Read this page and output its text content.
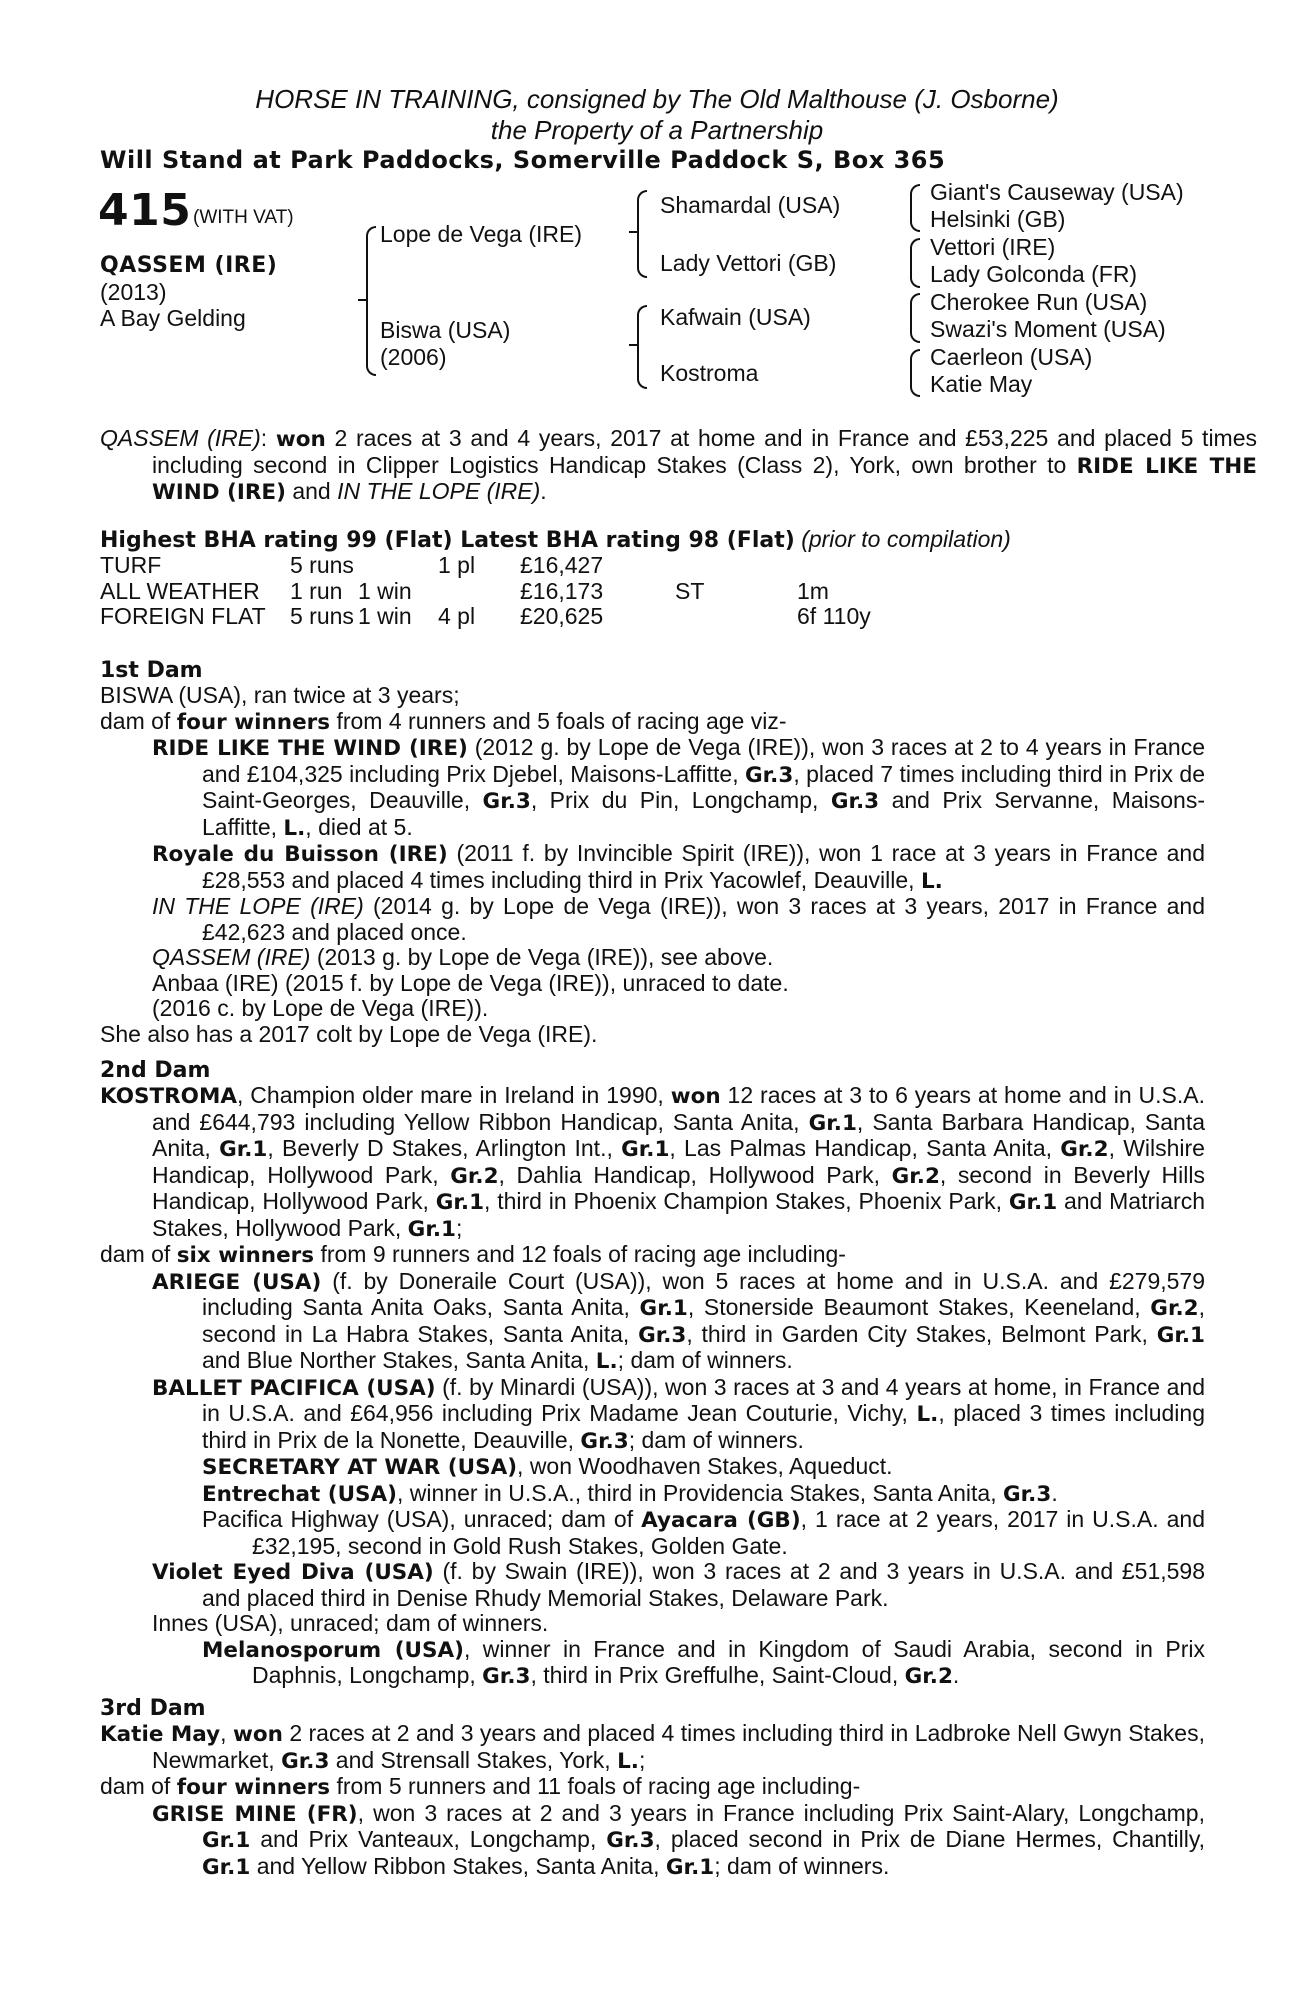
HORSE IN TRAINING, consigned by The Old Malthouse (J. Osborne)
the Property of a Partnership
Will Stand at Park Paddocks, Somerville Paddock S, Box 365
415 (WITH VAT)
QASSEM (IRE)
(2013)
A Bay Gelding
Lope de Vega (IRE)
Biswa (USA)
(2006)
Shamardal (USA)
Lady Vettori (GB)
Kafwain (USA)
Kostroma
Giant's Causeway (USA)
Helsinki (GB)
Vettori (IRE)
Lady Golconda (FR)
Cherokee Run (USA)
Swazi's Moment (USA)
Caerleon (USA)
Katie May
QASSEM (IRE): won 2 races at 3 and 4 years, 2017 at home and in France and £53,225 and placed 5 times including second in Clipper Logistics Handicap Stakes (Class 2), York, own brother to RIDE LIKE THE WIND (IRE) and IN THE LOPE (IRE).
Highest BHA rating 99 (Flat) Latest BHA rating 98 (Flat) (prior to compilation)
TURF	5 runs		1 pl	£16,427		
ALL WEATHER	1 run	1 win		£16,173	ST	1m
FOREIGN FLAT	5 runs	1 win	4 pl	£20,625		6f 110y
1st Dam

BISWA (USA), ran twice at 3 years;

dam of four winners from 4 runners and 5 foals of racing age viz-

RIDE LIKE THE WIND (IRE) (2012 g. by Lope de Vega (IRE)), won 3 races at 2 to 4 years in France and £104,325 including Prix Djebel, Maisons-Laffitte, Gr.3, placed 7 times including third in Prix de Saint-Georges, Deauville, Gr.3, Prix du Pin, Longchamp, Gr.3 and Prix Servanne, Maisons-Laffitte, L., died at 5.

Royale du Buisson (IRE) (2011 f. by Invincible Spirit (IRE)), won 1 race at 3 years in France and £28,553 and placed 4 times including third in Prix Yacowlef, Deauville, L.

IN THE LOPE (IRE) (2014 g. by Lope de Vega (IRE)), won 3 races at 3 years, 2017 in France and £42,623 and placed once.

QASSEM (IRE) (2013 g. by Lope de Vega (IRE)), see above.

Anbaa (IRE) (2015 f. by Lope de Vega (IRE)), unraced to date.

(2016 c. by Lope de Vega (IRE)).

She also has a 2017 colt by Lope de Vega (IRE).

2nd Dam

KOSTROMA, Champion older mare in Ireland in 1990, won 12 races at 3 to 6 years at home and in U.S.A. and £644,793 including Yellow Ribbon Handicap, Santa Anita, Gr.1, Santa Barbara Handicap, Santa Anita, Gr.1, Beverly D Stakes, Arlington Int., Gr.1, Las Palmas Handicap, Santa Anita, Gr.2, Wilshire Handicap, Hollywood Park, Gr.2, Dahlia Handicap, Hollywood Park, Gr.2, second in Beverly Hills Handicap, Hollywood Park, Gr.1, third in Phoenix Champion Stakes, Phoenix Park, Gr.1 and Matriarch Stakes, Hollywood Park, Gr.1;

dam of six winners from 9 runners and 12 foals of racing age including-

ARIEGE (USA) (f. by Doneraile Court (USA)), won 5 races at home and in U.S.A. and £279,579 including Santa Anita Oaks, Santa Anita, Gr.1, Stonerside Beaumont Stakes, Keeneland, Gr.2, second in La Habra Stakes, Santa Anita, Gr.3, third in Garden City Stakes, Belmont Park, Gr.1 and Blue Norther Stakes, Santa Anita, L.; dam of winners.

BALLET PACIFICA (USA) (f. by Minardi (USA)), won 3 races at 3 and 4 years at home, in France and in U.S.A. and £64,956 including Prix Madame Jean Couturie, Vichy, L., placed 3 times including third in Prix de la Nonette, Deauville, Gr.3; dam of winners.

SECRETARY AT WAR (USA), won Woodhaven Stakes, Aqueduct.

Entrechat (USA), winner in U.S.A., third in Providencia Stakes, Santa Anita, Gr.3.

Pacifica Highway (USA), unraced; dam of Ayacara (GB), 1 race at 2 years, 2017 in U.S.A. and £32,195, second in Gold Rush Stakes, Golden Gate.

Violet Eyed Diva (USA) (f. by Swain (IRE)), won 3 races at 2 and 3 years in U.S.A. and £51,598 and placed third in Denise Rhudy Memorial Stakes, Delaware Park.

Innes (USA), unraced; dam of winners.

Melanosporum (USA), winner in France and in Kingdom of Saudi Arabia, second in Prix Daphnis, Longchamp, Gr.3, third in Prix Greffulhe, Saint-Cloud, Gr.2.

3rd Dam

Katie May, won 2 races at 2 and 3 years and placed 4 times including third in Ladbroke Nell Gwyn Stakes, Newmarket, Gr.3 and Strensall Stakes, York, L.;

dam of four winners from 5 runners and 11 foals of racing age including-

GRISE MINE (FR), won 3 races at 2 and 3 years in France including Prix Saint-Alary, Longchamp, Gr.1 and Prix Vanteaux, Longchamp, Gr.3, placed second in Prix de Diane Hermes, Chantilly, Gr.1 and Yellow Ribbon Stakes, Santa Anita, Gr.1; dam of winners.
